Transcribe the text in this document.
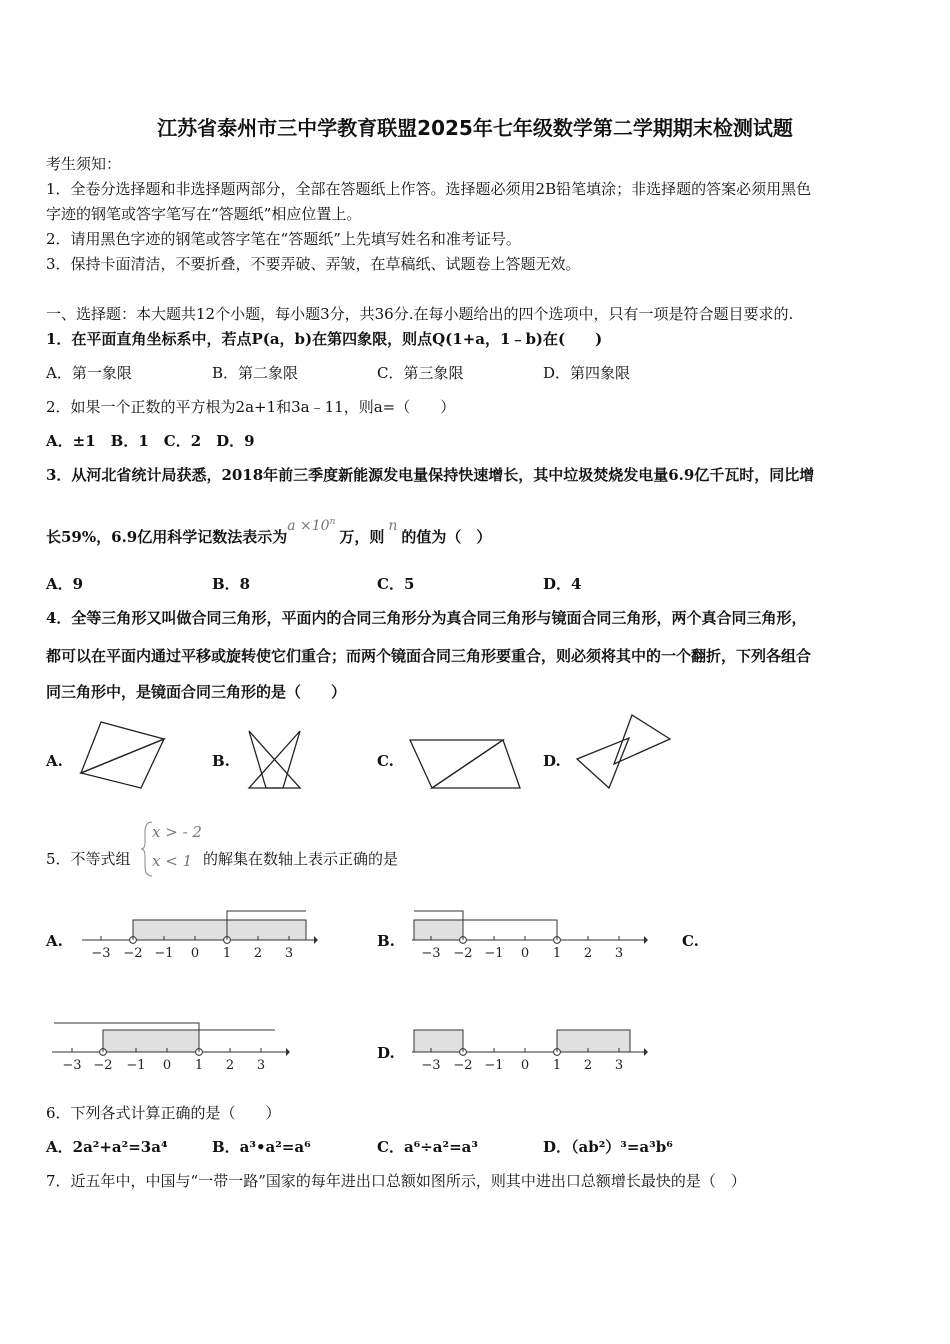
江苏省泰州市三中学教育联盟2025年七年级数学第二学期期末检测试题
考生须知：
1．全卷分选择题和非选择题两部分，全部在答题纸上作答。选择题必须用2B铅笔填涂；非选择题的答案必须用黑色
字迹的钢笔或答字笔写在“答题纸”相应位置上。
2．请用黑色字迹的钢笔或答字笔在“答题纸”上先填写姓名和准考证号。
3．保持卡面清洁，不要折叠，不要弄破、弄皱，在草稿纸、试题卷上答题无效。
一、选择题：本大题共12个小题，每小题3分，共36分.在每小题给出的四个选项中，只有一项是符合题目要求的.
1．在平面直角坐标系中，若点P(a，b)在第四象限，则点Q(1+a，1﹣b)在(　　)
A．第一象限	B．第二象限	C．第三象限	D．第四象限
2．如果一个正数的平方根为2a+1和3a﹣11，则a=（　　）
A．±1　B．1　C．2　D．9
3．从河北省统计局获悉，2018年前三季度新能源发电量保持快速增长，其中垃圾焚烧发电量6.9亿千瓦时，同比增
长59%，6.9亿用科学记数法表示为$a \times 10^n$万，则n的值为（　）
A．9	B．8	C．5	D．4
4．全等三角形又叫做合同三角形，平面内的合同三角形分为真合同三角形与镜面合同三角形，两个真合同三角形，
都可以在平面内通过平移或旋转使它们重合；而两个镜面合同三角形要重合，则必须将其中的一个翻折，下列各组合
同三角形中，是镜面合同三角形的是（　　）
A.	B.	C.	D.
5．不等式组
x > - 2
x < 1 的解集在数轴上表示正确的是
A.
−3 −2 −1 0 1 2 3
B.
−3 −2 −1 0 1 2 3
C.
−3 −2 −1 0 1 2 3
D.
−3 −2 −1 0 1 2 3
6．下列各式计算正确的是（　　）
A．2a²+a²=3a⁴	B．a³•a²=a⁶	C．a⁶÷a²=a³	D．（ab²）³=a³b⁶
7．近五年中，中国与“一带一路”国家的每年进出口总额如图所示，则其中进出口总额增长最快的是（　）
